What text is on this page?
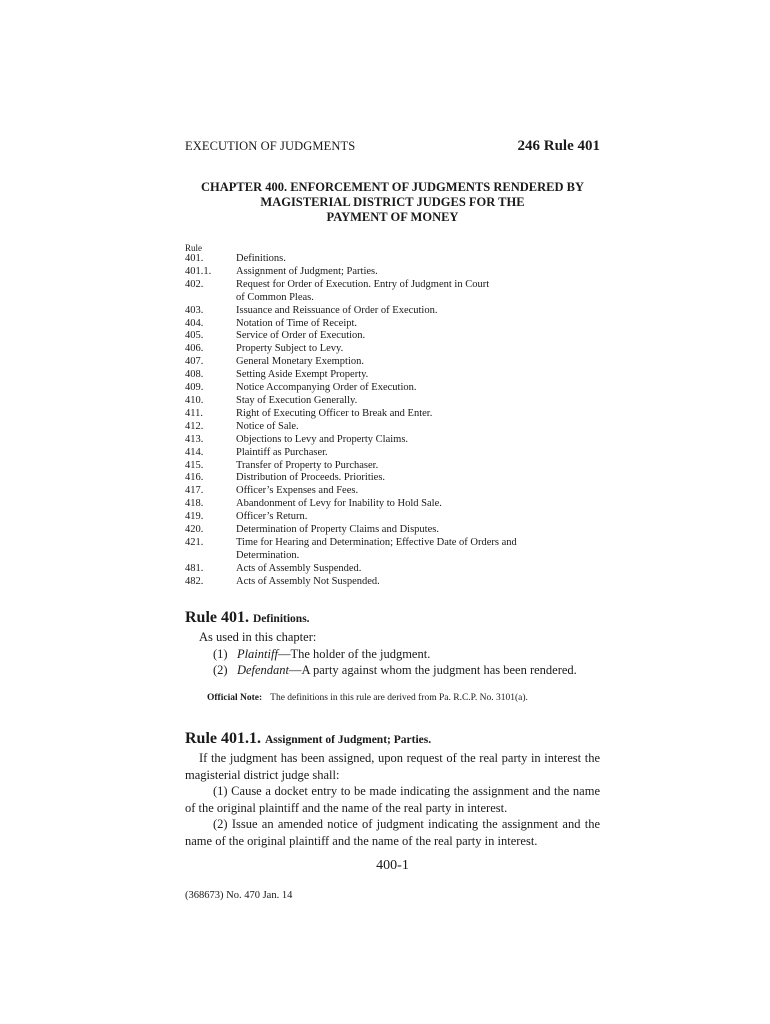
EXECUTION OF JUDGMENTS	246 Rule 401
CHAPTER 400. ENFORCEMENT OF JUDGMENTS RENDERED BY
MAGISTERIAL DISTRICT JUDGES FOR THE
PAYMENT OF MONEY
Rule
401.	Definitions.
401.1.	Assignment of Judgment; Parties.
402.	Request for Order of Execution. Entry of Judgment in Court
of Common Pleas.
403.	Issuance and Reissuance of Order of Execution.
404.	Notation of Time of Receipt.
405.	Service of Order of Execution.
406.	Property Subject to Levy.
407.	General Monetary Exemption.
408.	Setting Aside Exempt Property.
409.	Notice Accompanying Order of Execution.
410.	Stay of Execution Generally.
411.	Right of Executing Officer to Break and Enter.
412.	Notice of Sale.
413.	Objections to Levy and Property Claims.
414.	Plaintiff as Purchaser.
415.	Transfer of Property to Purchaser.
416.	Distribution of Proceeds. Priorities.
417.	Officer’s Expenses and Fees.
418.	Abandonment of Levy for Inability to Hold Sale.
419.	Officer’s Return.
420.	Determination of Property Claims and Disputes.
421.	Time for Hearing and Determination; Effective Date of Orders and
Determination.
481.	Acts of Assembly Suspended.
482.	Acts of Assembly Not Suspended.
Rule 401. Definitions.
As used in this chapter:
(1) Plaintiff—The holder of the judgment.
(2) Defendant—A party against whom the judgment has been rendered.
Official Note: The definitions in this rule are derived from Pa. R.C.P. No. 3101(a).
Rule 401.1. Assignment of Judgment; Parties.
If the judgment has been assigned, upon request of the real party in interest the magisterial district judge shall:
(1) Cause a docket entry to be made indicating the assignment and the name of the original plaintiff and the name of the real party in interest.
(2) Issue an amended notice of judgment indicating the assignment and the name of the original plaintiff and the name of the real party in interest.
400-1
(368673) No. 470 Jan. 14
